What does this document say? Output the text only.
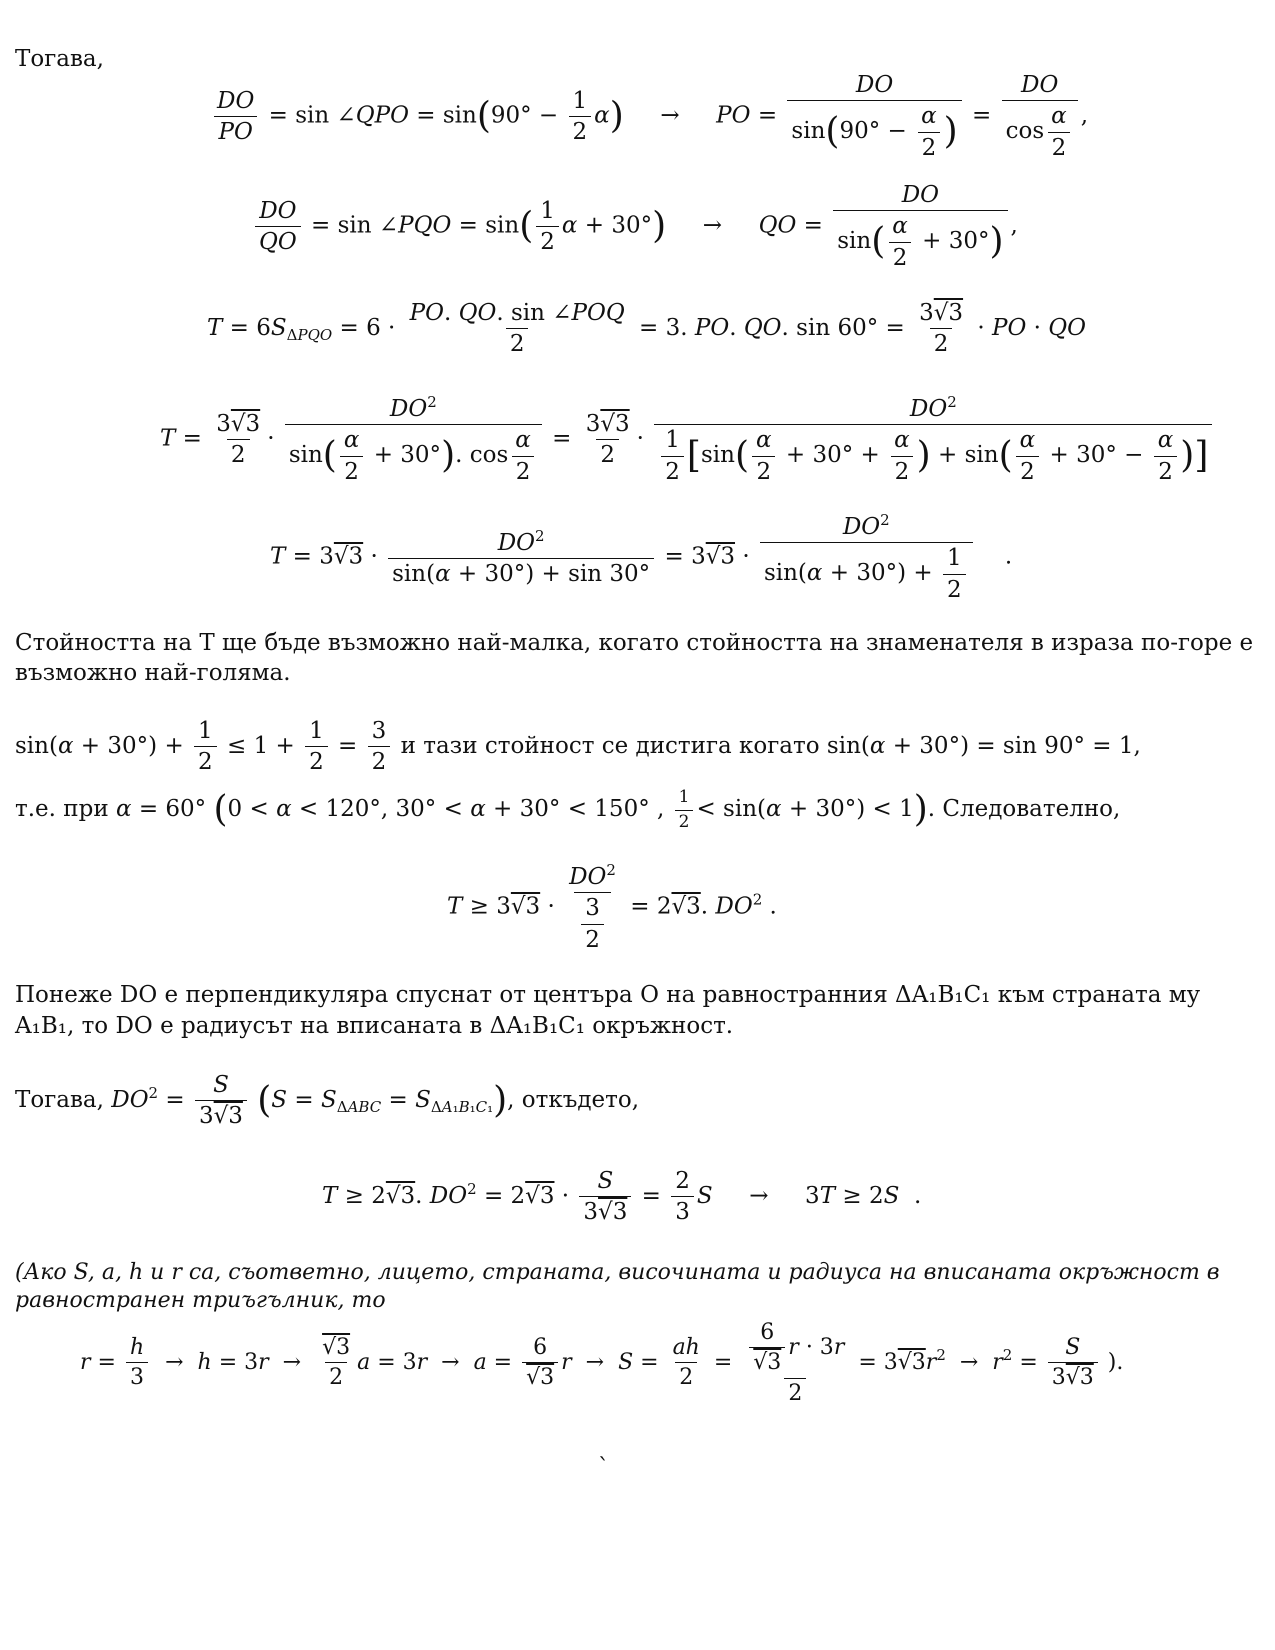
Тогава,
$\frac{DO}{PO} = \sin$ ∠QPO = $\sin(90^\circ - \frac{1}{2} \alpha)$ → PO = $\frac{DO}{\sin(90^\circ - \frac{\alpha}{2} )} = \frac{DO}{\cos \frac{\alpha}{2}}$ ,
$\frac{DO}{QO} = \sin$ ∠PQO = $\sin( \frac{1}{2}$ α + 30°) → QO = $\frac{DO}{\sin( \frac{\alpha}{2} + 30^\circ)}$ ,
$T = 6S_{\Delta PQO} = 6 \cdot \frac{\text{PO. QO. sin ∠POQ}}{2} = 3$. PO. QO. $\sin 60^\circ = \frac{3√3}{2}$ · PO · QO
$T = \frac{3√3}{2} \cdot \frac{DO^2}{\sin( \frac{\alpha}{2} + 30^\circ). \cos \frac{\alpha}{2}} = \frac{3√3}{2} \cdot \frac{DO^2}{\frac{1}{2} [\sin( \frac{\alpha}{2} + 30^\circ + \frac{\alpha}{2} ) + \sin( \frac{\alpha}{2} + 30^\circ - \frac{\alpha}{2} )]}$
$T = 3√3 \cdot \frac{DO^2}{\sin(\alpha + 30^\circ) + \sin 30^\circ} = 3√3 \cdot \frac{DO^2}{\sin(\alpha + 30^\circ) + \frac{1}{2}}$ .
Стойността на T ще бъде възможно най-малка, когато стойността на знаменателя в израза по-горе е
възможно най-голяма.
$\sin(\alpha + 30^\circ) + \frac{1}{2} \le 1 + \frac{1}{2} = \frac{3}{2}$ и тази стойност се дистига когато sin(α + 30°) = sin 90° = 1,
т.е. при α = 60° (0 < α < 120°, 30° < α + 30° < 150° , $\frac{1}{2} < \sin(\alpha + 30^\circ) < 1$). Следователно,
$T \ge 3√3 \cdot \frac{DO^2}{\frac{3}{2}} = 2√3$. $DO^2$ .
Понеже DO е перпендикуляра спуснат от центъра O на равностранния ΔA₁B₁C₁ към страната му
A₁B₁, то DO е радиусът на вписаната в ΔA₁B₁C₁ окръжност.
Тогава, $DO^2 = \frac{S}{3√3} (S = S_{\Delta ABC} = S_{\Delta A_1B_1C_1})$, откъдето,
T ≥ 2√3. $DO^2 = 2√3 \cdot \frac{S}{3√3} = \frac{2}{3}$ S →     3T ≥ 2S  .
(Ако S, a, h и r са, съответно, лицето, страната, височината и радиуса на вписаната окръжност в
равностранен триъгълник, то
$r = \frac{h}{3} \to h = 3r \to \frac{√3}{2}$ $a = 3r \to a = \frac{6}{√3}$ $r \to S = \frac{ah}{2} = \frac{\frac{6}{√3} r \cdot 3r}{2} = 3√3r^2 \to r^2 = \frac{S}{3√3}$ ).
`
